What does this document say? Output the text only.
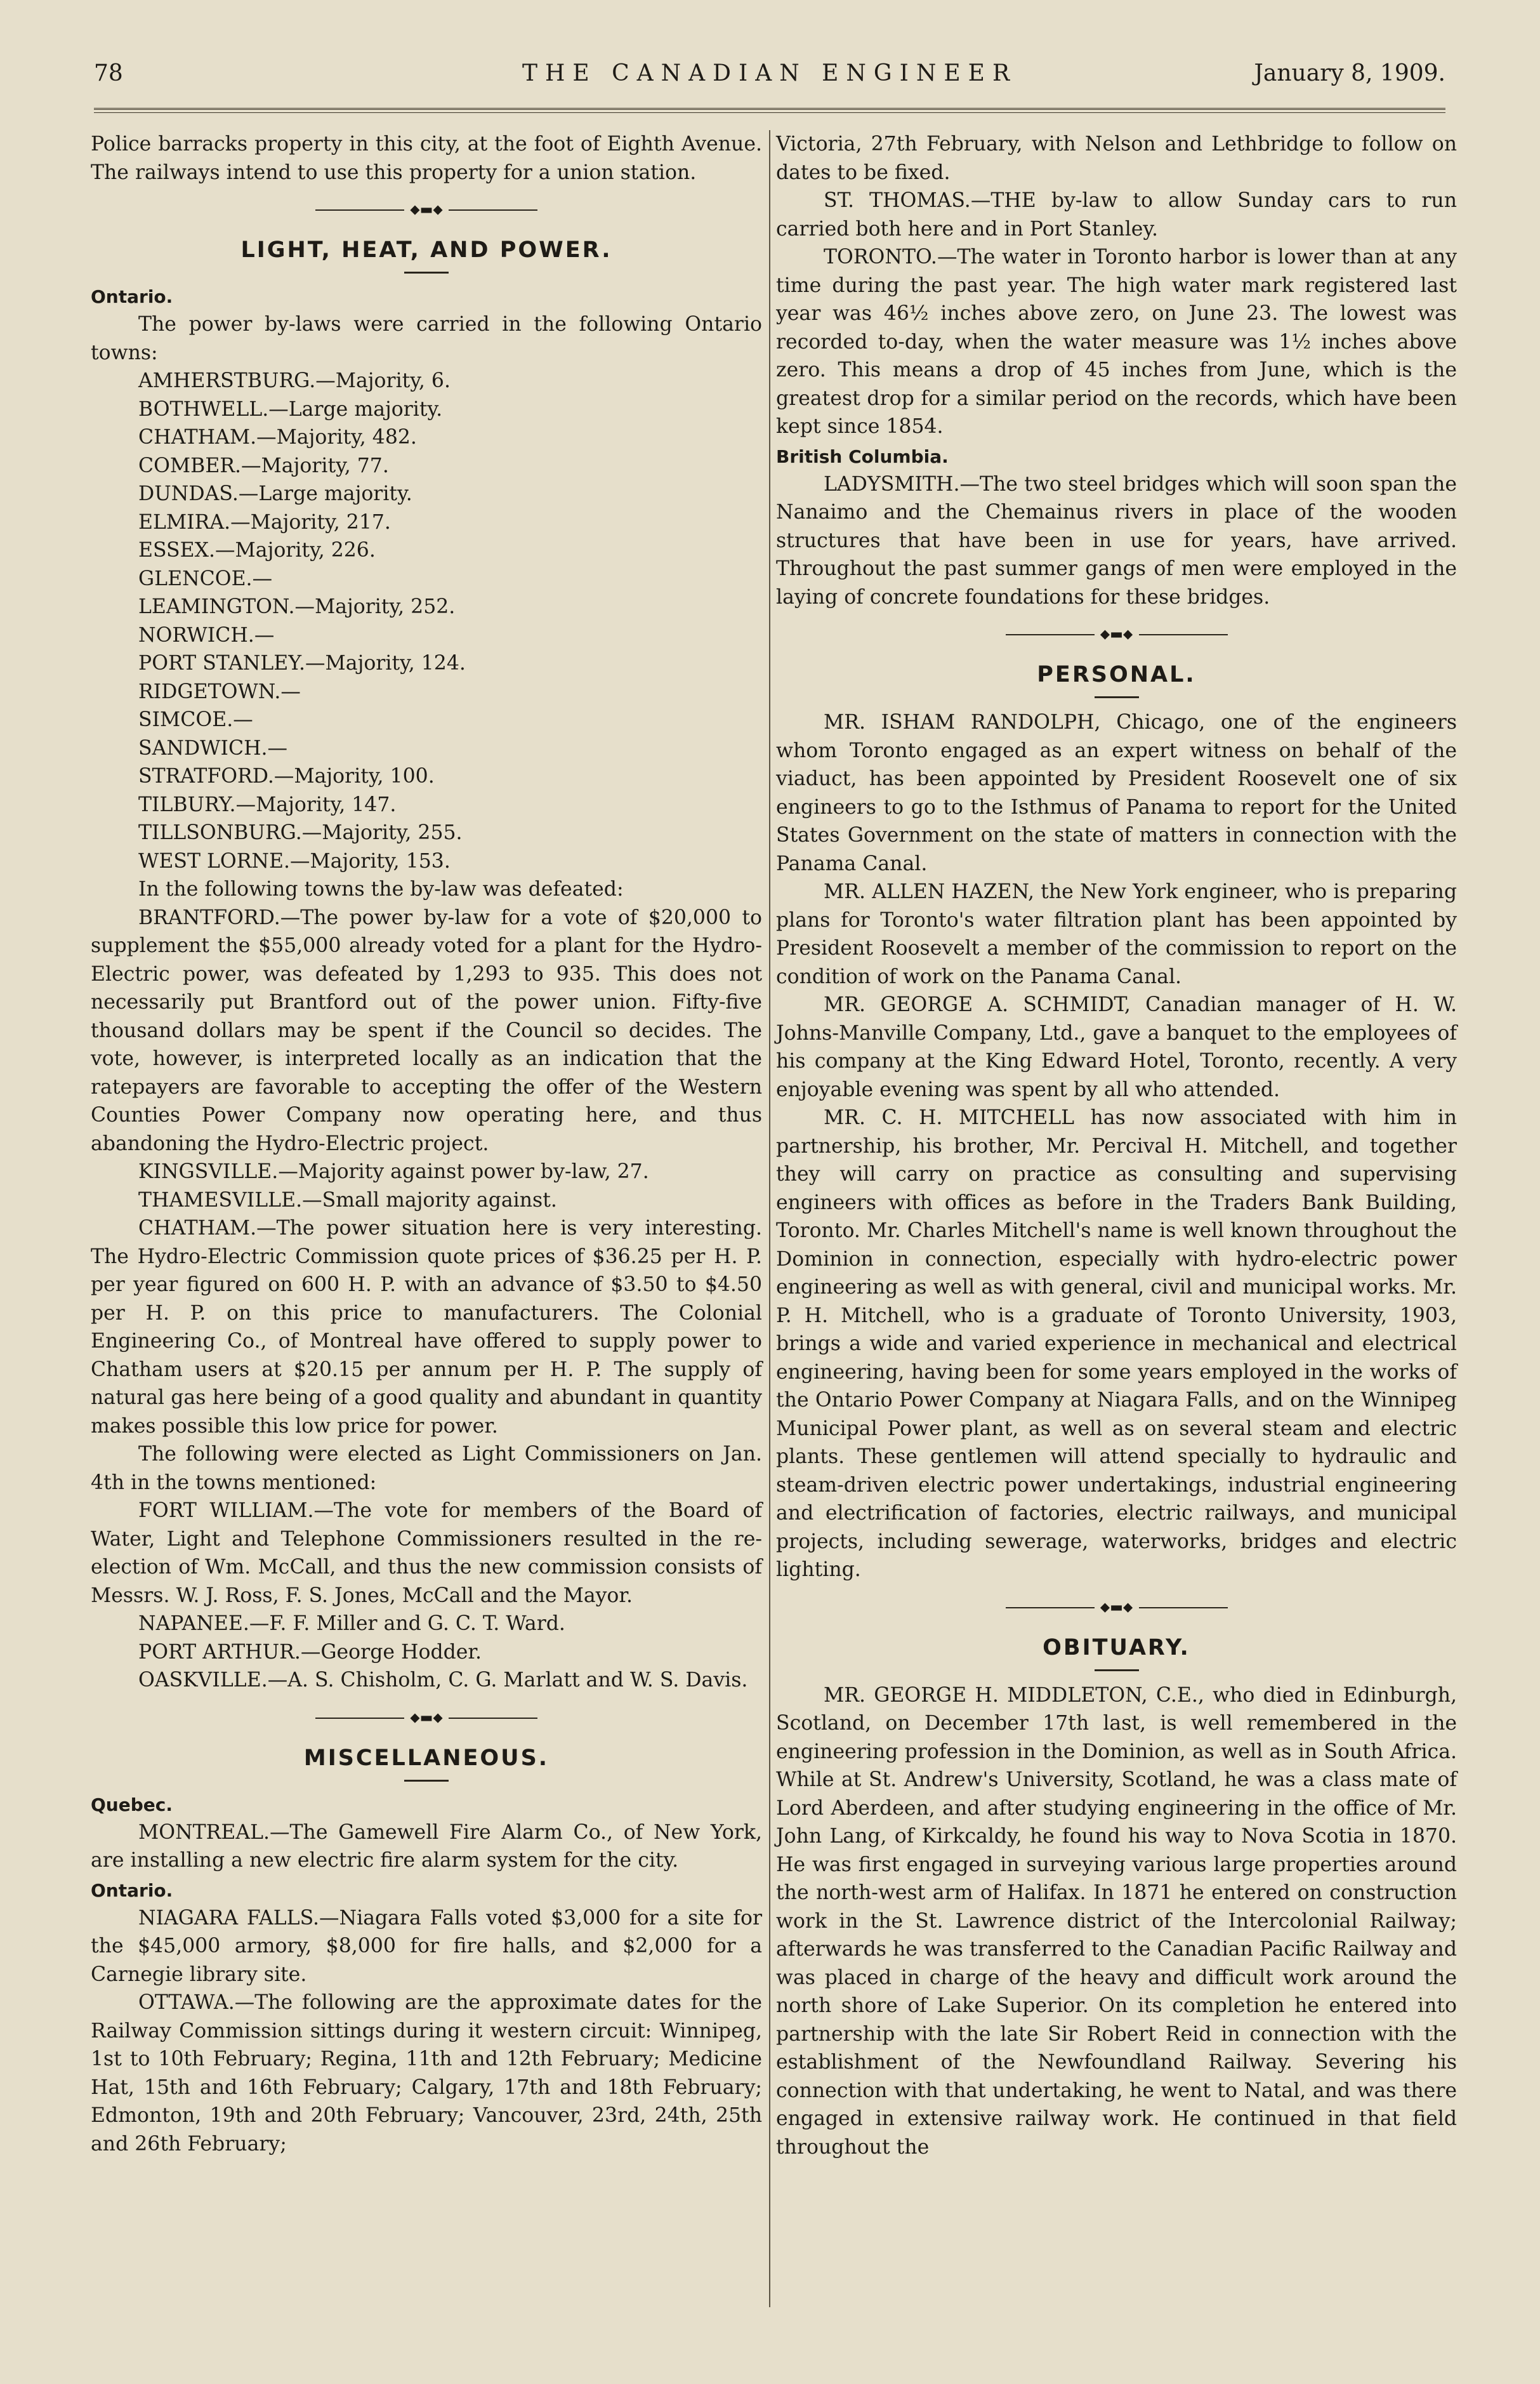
78	THE CANADIAN ENGINEER	January 8, 1909.

Police barracks property in this city, at the foot of Eighth Avenue. The railways intend to use this property for a union station.

⬥▬⬥
LIGHT, HEAT, AND POWER.
Ontario.

The power by-laws were carried in the following Ontario towns:

AMHERSTBURG.—Majority, 6.

BOTHWELL.—Large majority.

CHATHAM.—Majority, 482.

COMBER.—Majority, 77.

DUNDAS.—Large majority.

ELMIRA.—Majority, 217.

ESSEX.—Majority, 226.

GLENCOE.—

LEAMINGTON.—Majority, 252.

NORWICH.—

PORT STANLEY.—Majority, 124.

RIDGETOWN.—

SIMCOE.—

SANDWICH.—

STRATFORD.—Majority, 100.

TILBURY.—Majority, 147.

TILLSONBURG.—Majority, 255.

WEST LORNE.—Majority, 153.

In the following towns the by-law was defeated:

BRANTFORD.—The power by-law for a vote of $20,000 to supplement the $55,000 already voted for a plant for the Hydro-Electric power, was defeated by 1,293 to 935. This does not necessarily put Brantford out of the power union. Fifty-five thousand dollars may be spent if the Council so decides. The vote, however, is interpreted locally as an indication that the ratepayers are favorable to accepting the offer of the Western Counties Power Company now operating here, and thus abandoning the Hydro-Electric project.

KINGSVILLE.—Majority against power by-law, 27.

THAMESVILLE.—Small majority against.

CHATHAM.—The power situation here is very interesting. The Hydro-Electric Commission quote prices of $36.25 per H. P. per year figured on 600 H. P. with an advance of $3.50 to $4.50 per H. P. on this price to manufacturers. The Colonial Engineering Co., of Montreal have offered to supply power to Chatham users at $20.15 per annum per H. P. The supply of natural gas here being of a good quality and abundant in quantity makes possible this low price for power.

The following were elected as Light Commissioners on Jan. 4th in the towns mentioned:

FORT WILLIAM.—The vote for members of the Board of Water, Light and Telephone Commissioners resulted in the re-election of Wm. McCall, and thus the new commission consists of Messrs. W. J. Ross, F. S. Jones, McCall and the Mayor.

NAPANEE.—F. F. Miller and G. C. T. Ward.

PORT ARTHUR.—George Hodder.

OASKVILLE.—A. S. Chisholm, C. G. Marlatt and W. S. Davis.

⬥▬⬥
MISCELLANEOUS.
Quebec.

MONTREAL.—The Gamewell Fire Alarm Co., of New York, are installing a new electric fire alarm system for the city.

Ontario.

NIAGARA FALLS.—Niagara Falls voted $3,000 for a site for the $45,000 armory, $8,000 for fire halls, and $2,000 for a Carnegie library site.

OTTAWA.—The following are the approximate dates for the Railway Commission sittings during it western circuit: Winnipeg, 1st to 10th February; Regina, 11th and 12th February; Medicine Hat, 15th and 16th February; Calgary, 17th and 18th February; Edmonton, 19th and 20th February; Vancouver, 23rd, 24th, 25th and 26th February;

Victoria, 27th February, with Nelson and Lethbridge to follow on dates to be fixed.

ST. THOMAS.—THE by-law to allow Sunday cars to run carried both here and in Port Stanley.

TORONTO.—The water in Toronto harbor is lower than at any time during the past year. The high water mark registered last year was 46½ inches above zero, on June 23. The lowest was recorded to-day, when the water measure was 1½ inches above zero. This means a drop of 45 inches from June, which is the greatest drop for a similar period on the records, which have been kept since 1854.

British Columbia.

LADYSMITH.—The two steel bridges which will soon span the Nanaimo and the Chemainus rivers in place of the wooden structures that have been in use for years, have arrived. Throughout the past summer gangs of men were employed in the laying of concrete foundations for these bridges.

⬥▬⬥
PERSONAL.

MR. ISHAM RANDOLPH, Chicago, one of the engineers whom Toronto engaged as an expert witness on behalf of the viaduct, has been appointed by President Roosevelt one of six engineers to go to the Isthmus of Panama to report for the United States Government on the state of matters in connection with the Panama Canal.

MR. ALLEN HAZEN, the New York engineer, who is preparing plans for Toronto's water filtration plant has been appointed by President Roosevelt a member of the commission to report on the condition of work on the Panama Canal.

MR. GEORGE A. SCHMIDT, Canadian manager of H. W. Johns-Manville Company, Ltd., gave a banquet to the employees of his company at the King Edward Hotel, Toronto, recently. A very enjoyable evening was spent by all who attended.

MR. C. H. MITCHELL has now associated with him in partnership, his brother, Mr. Percival H. Mitchell, and together they will carry on practice as consulting and supervising engineers with offices as before in the Traders Bank Building, Toronto. Mr. Charles Mitchell's name is well known throughout the Dominion in connection, especially with hydro-electric power engineering as well as with general, civil and municipal works. Mr. P. H. Mitchell, who is a graduate of Toronto University, 1903, brings a wide and varied experience in mechanical and electrical engineering, having been for some years employed in the works of the Ontario Power Company at Niagara Falls, and on the Winnipeg Municipal Power plant, as well as on several steam and electric plants. These gentlemen will attend specially to hydraulic and steam-driven electric power undertakings, industrial engineering and electrification of factories, electric railways, and municipal projects, including sewerage, waterworks, bridges and electric lighting.

⬥▬⬥
OBITUARY.

MR. GEORGE H. MIDDLETON, C.E., who died in Edinburgh, Scotland, on December 17th last, is well remembered in the engineering profession in the Dominion, as well as in South Africa. While at St. Andrew's University, Scotland, he was a class mate of Lord Aberdeen, and after studying engineering in the office of Mr. John Lang, of Kirkcaldy, he found his way to Nova Scotia in 1870. He was first engaged in surveying various large properties around the north-west arm of Halifax. In 1871 he entered on construction work in the St. Lawrence district of the Intercolonial Railway; afterwards he was transferred to the Canadian Pacific Railway and was placed in charge of the heavy and difficult work around the north shore of Lake Superior. On its completion he entered into partnership with the late Sir Robert Reid in connection with the establishment of the Newfoundland Railway. Severing his connection with that undertaking, he went to Natal, and was there engaged in extensive railway work. He continued in that field throughout the
